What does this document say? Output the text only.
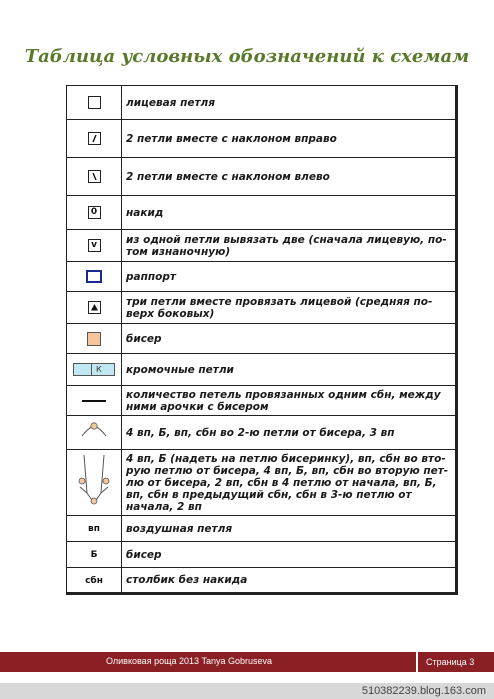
Таблица условных обозначений к схемам
	лицевая петля

	2 петли вместе с наклоном вправо

	2 петли вместе с наклоном влево
0	накид
v	из одной петли вывязать две (сначала лицевую, по-том изнаночную)
	раппорт

	три петли вместе провязать лицевой (средняя по-верх боковых)
	бисер

К	кромочные петли
	количество петель провязанных одним сбн, между ними арочки с бисером
	4 вп, Б, вп, сбн во 2-ю петли от бисера, 3 вп
	4 вп, Б (надеть на петлю бисеринку), вп, сбн во вто-рую петлю от бисера, 4 вп, Б, вп, сбн во вторую пет-лю от бисера, 2 вп, сбн в 4 петлю от начала, вп, Б, вп, сбн в предыдущий сбн, сбн в 3-ю петлю от начала, 2 вп
вп	воздушная петля
Б	бисер
сбн	столбик без накида
Оливковая роща 2013 Tanya Gobruseva	Страница 3
510382239.blog.163.com
